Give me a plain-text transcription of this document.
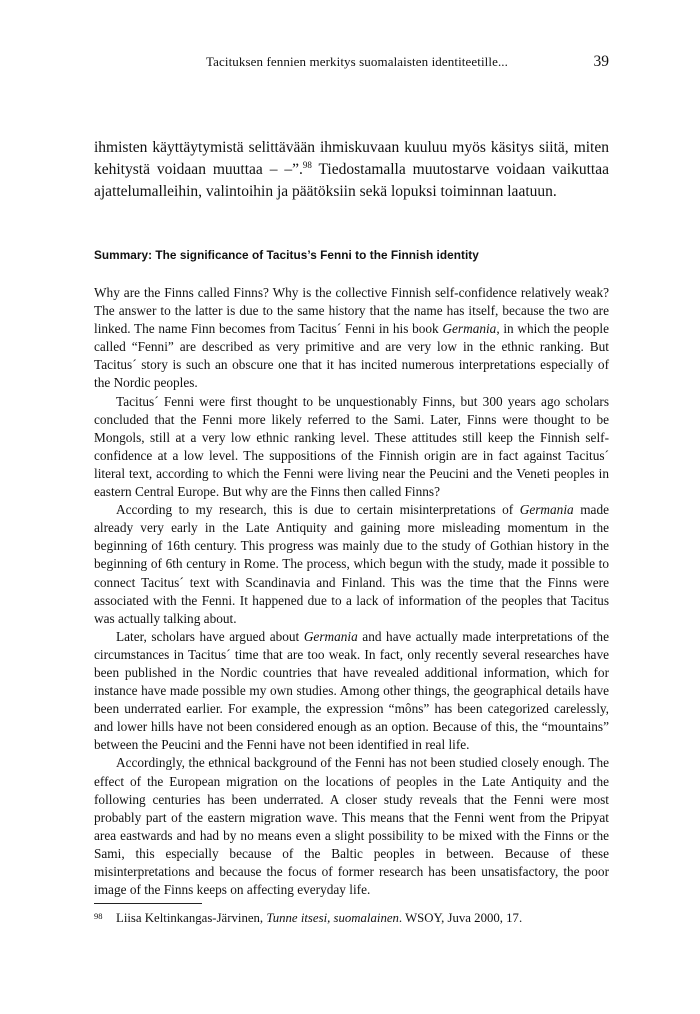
Tacituksen fennien merkitys suomalaisten identiteetille...	39

ihmisten käyttäytymistä selittävään ihmiskuvaan kuuluu myös käsitys siitä, miten kehitystä voidaan muuttaa – –”.$^{98}$ Tiedostamalla muutostarve voidaan vaikuttaa ajattelumalleihin, valintoihin ja päätöksiin sekä lopuksi toiminnan laatuun.

Summary: The significance of Tacitus’s Fenni to the Finnish identity

Why are the Finns called Finns? Why is the collective Finnish self-confidence relatively weak? The answer to the latter is due to the same history that the name has itself, because the two are linked. The name Finn becomes from Tacitus´ Fenni in his book Germania, in which the people called “Fenni” are described as very primitive and are very low in the ethnic ranking. But Tacitus´ story is such an obscure one that it has incited numerous interpretations especially of the Nordic peoples.

Tacitus´ Fenni were first thought to be unquestionably Finns, but 300 years ago scholars concluded that the Fenni more likely referred to the Sami. Later, Finns were thought to be Mongols, still at a very low ethnic ranking level. These attitudes still keep the Finnish self-confidence at a low level. The suppositions of the Finnish origin are in fact against Tacitus´ literal text, according to which the Fenni were living near the Peucini and the Veneti peoples in eastern Central Europe. But why are the Finns then called Finns?

According to my research, this is due to certain misinterpretations of Germania made already very early in the Late Antiquity and gaining more misleading momentum in the beginning of 16th century. This progress was mainly due to the study of Gothian history in the beginning of 6th century in Rome. The process, which begun with the study, made it possible to connect Tacitus´ text with Scandinavia and Finland. This was the time that the Finns were associated with the Fenni. It happened due to a lack of information of the peoples that Tacitus was actually talking about.

Later, scholars have argued about Germania and have actually made interpretations of the circumstances in Tacitus´ time that are too weak. In fact, only recently several researches have been published in the Nordic countries that have revealed additional information, which for instance have made possible my own studies. Among other things, the geographical details have been underrated earlier. For example, the expression “môns” has been categorized carelessly, and lower hills have not been considered enough as an option. Because of this, the “mountains” between the Peucini and the Fenni have not been identified in real life.

Accordingly, the ethnical background of the Fenni has not been studied closely enough. The effect of the European migration on the locations of peoples in the Late Antiquity and the following centuries has been underrated. A closer study reveals that the Fenni were most probably part of the eastern migration wave. This means that the Fenni went from the Pripyat area eastwards and had by no means even a slight possibility to be mixed with the Finns or the Sami, this especially because of the Baltic peoples in between. Because of these misinterpretations and because the focus of former research has been unsatisfactory, the poor image of the Finns keeps on affecting everyday life.

98 Liisa Keltinkangas-Järvinen, Tunne itsesi, suomalainen. WSOY, Juva 2000, 17.
